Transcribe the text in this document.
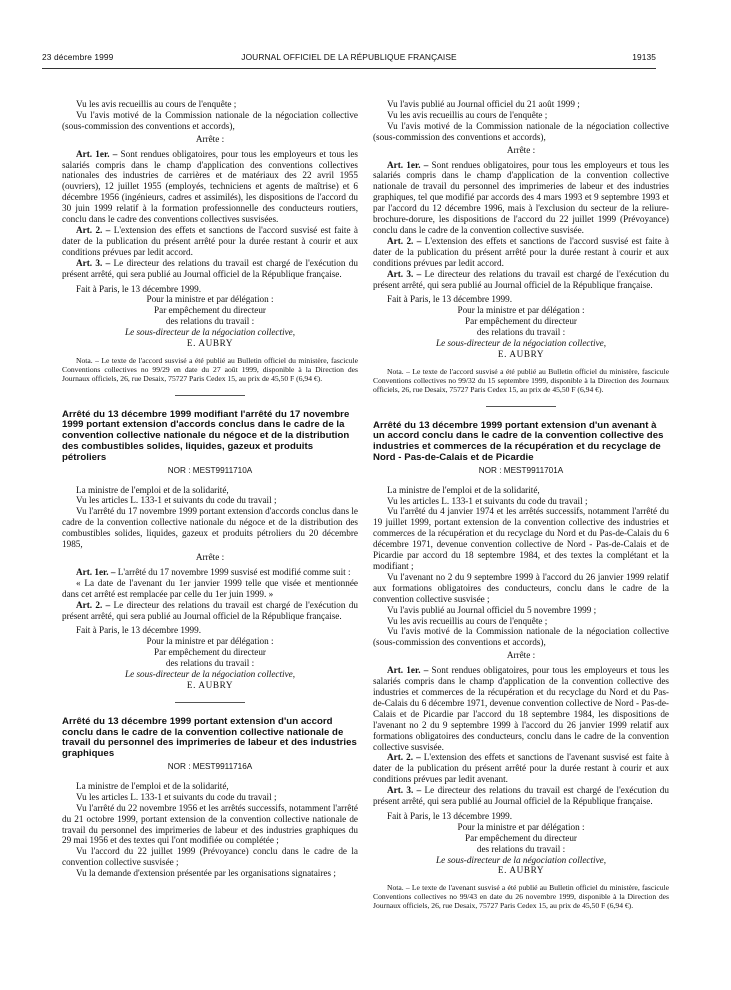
23 décembre 1999	JOURNAL OFFICIEL DE LA RÉPUBLIQUE FRANÇAISE	19135

Vu les avis recueillis au cours de l'enquête ;

Vu l'avis motivé de la Commission nationale de la négociation collective (sous-commission des conventions et accords),

Arrête :

Art. 1er. – Sont rendues obligatoires, pour tous les employeurs et tous les salariés compris dans le champ d'application des conventions collectives nationales des industries de carrières et de matériaux des 22 avril 1955 (ouvriers), 12 juillet 1955 (employés, techniciens et agents de maîtrise) et 6 décembre 1956 (ingénieurs, cadres et assimilés), les dispositions de l'accord du 30 juin 1999 relatif à la formation professionnelle des conducteurs routiers, conclu dans le cadre des conventions collectives susvisées.

Art. 2. – L'extension des effets et sanctions de l'accord susvisé est faite à dater de la publication du présent arrêté pour la durée restant à courir et aux conditions prévues par ledit accord.

Art. 3. – Le directeur des relations du travail est chargé de l'exécution du présent arrêté, qui sera publié au Journal officiel de la République française.

Fait à Paris, le 13 décembre 1999.

Pour la ministre et par délégation :
Par empêchement du directeur
des relations du travail :
Le sous-directeur de la négociation collective,
E. AUBRY

Nota. – Le texte de l'accord susvisé a été publié au Bulletin officiel du ministère, fascicule Conventions collectives no 99/29 en date du 27 août 1999, disponible à la Direction des Journaux officiels, 26, rue Desaix, 75727 Paris Cedex 15, au prix de 45,50 F (6,94 €).

Arrêté du 13 décembre 1999 modifiant l'arrêté du 17 novembre 1999 portant extension d'accords conclus dans le cadre de la convention collective nationale du négoce et de la distribution des combustibles solides, liquides, gazeux et produits pétroliers

NOR : MESТ9911710A

La ministre de l'emploi et de la solidarité,

Vu les articles L. 133-1 et suivants du code du travail ;

Vu l'arrêté du 17 novembre 1999 portant extension d'accords conclus dans le cadre de la convention collective nationale du négoce et de la distribution des combustibles solides, liquides, gazeux et produits pétroliers du 20 décembre 1985,

Arrête :

Art. 1er. – L'arrêté du 17 novembre 1999 susvisé est modifié comme suit :

« La date de l'avenant du 1er janvier 1999 telle que visée et mentionnée dans cet arrêté est remplacée par celle du 1er juin 1999. »

Art. 2. – Le directeur des relations du travail est chargé de l'exécution du présent arrêté, qui sera publié au Journal officiel de la République française.

Fait à Paris, le 13 décembre 1999.

Pour la ministre et par délégation :
Par empêchement du directeur
des relations du travail :
Le sous-directeur de la négociation collective,
E. AUBRY

Arrêté du 13 décembre 1999 portant extension d'un accord conclu dans le cadre de la convention collective nationale de travail du personnel des imprimeries de labeur et des industries graphiques

NOR : MESТ9911716A

La ministre de l'emploi et de la solidarité,

Vu les articles L. 133-1 et suivants du code du travail ;

Vu l'arrêté du 22 novembre 1956 et les arrêtés successifs, notamment l'arrêté du 21 octobre 1999, portant extension de la convention collective nationale de travail du personnel des imprimeries de labeur et des industries graphiques du 29 mai 1956 et des textes qui l'ont modifiée ou complétée ;

Vu l'accord du 22 juillet 1999 (Prévoyance) conclu dans le cadre de la convention collective susvisée ;

Vu la demande d'extension présentée par les organisations signataires ;

Vu l'avis publié au Journal officiel du 21 août 1999 ;

Vu les avis recueillis au cours de l'enquête ;

Vu l'avis motivé de la Commission nationale de la négociation collective (sous-commission des conventions et accords),

Arrête :

Art. 1er. – Sont rendues obligatoires, pour tous les employeurs et tous les salariés compris dans le champ d'application de la convention collective nationale de travail du personnel des imprimeries de labeur et des industries graphiques, tel que modifié par accords des 4 mars 1993 et 9 septembre 1993 et par l'accord du 12 décembre 1996, mais à l'exclusion du secteur de la reliure-brochure-dorure, les dispositions de l'accord du 22 juillet 1999 (Prévoyance) conclu dans le cadre de la convention collective susvisée.

Art. 2. – L'extension des effets et sanctions de l'accord susvisé est faite à dater de la publication du présent arrêté pour la durée restant à courir et aux conditions prévues par ledit accord.

Art. 3. – Le directeur des relations du travail est chargé de l'exécution du présent arrêté, qui sera publié au Journal officiel de la République française.

Fait à Paris, le 13 décembre 1999.

Pour la ministre et par délégation :
Par empêchement du directeur
des relations du travail :
Le sous-directeur de la négociation collective,
E. AUBRY

Nota. – Le texte de l'accord susvisé a été publié au Bulletin officiel du ministère, fascicule Conventions collectives no 99/32 du 15 septembre 1999, disponible à la Direction des Journaux officiels, 26, rue Desaix, 75727 Paris Cedex 15, au prix de 45,50 F (6,94 €).

Arrêté du 13 décembre 1999 portant extension d'un avenant à un accord conclu dans le cadre de la convention collective des industries et commerces de la récupération et du recyclage de Nord - Pas-de-Calais et de Picardie

NOR : MESТ9911701A

La ministre de l'emploi et de la solidarité,

Vu les articles L. 133-1 et suivants du code du travail ;

Vu l'arrêté du 4 janvier 1974 et les arrêtés successifs, notamment l'arrêté du 19 juillet 1999, portant extension de la convention collective des industries et commerces de la récupération et du recyclage du Nord et du Pas-de-Calais du 6 décembre 1971, devenue convention collective de Nord - Pas-de-Calais et de Picardie par accord du 18 septembre 1984, et des textes la complétant et la modifiant ;

Vu l'avenant no 2 du 9 septembre 1999 à l'accord du 26 janvier 1999 relatif aux formations obligatoires des conducteurs, conclu dans le cadre de la convention collective susvisée ;

Vu l'avis publié au Journal officiel du 5 novembre 1999 ;

Vu les avis recueillis au cours de l'enquête ;

Vu l'avis motivé de la Commission nationale de la négociation collective (sous-commission des conventions et accords),

Arrête :

Art. 1er. – Sont rendues obligatoires, pour tous les employeurs et tous les salariés compris dans le champ d'application de la convention collective des industries et commerces de la récupération et du recyclage du Nord et du Pas-de-Calais du 6 décembre 1971, devenue convention collective de Nord - Pas-de-Calais et de Picardie par l'accord du 18 septembre 1984, les dispositions de l'avenant no 2 du 9 septembre 1999 à l'accord du 26 janvier 1999 relatif aux formations obligatoires des conducteurs, conclu dans le cadre de la convention collective susvisée.

Art. 2. – L'extension des effets et sanctions de l'avenant susvisé est faite à dater de la publication du présent arrêté pour la durée restant à courir et aux conditions prévues par ledit avenant.

Art. 3. – Le directeur des relations du travail est chargé de l'exécution du présent arrêté, qui sera publié au Journal officiel de la République française.

Fait à Paris, le 13 décembre 1999.

Pour la ministre et par délégation :
Par empêchement du directeur
des relations du travail :
Le sous-directeur de la négociation collective,
E. AUBRY

Nota. – Le texte de l'avenant susvisé a été publié au Bulletin officiel du ministère, fascicule Conventions collectives no 99/43 en date du 26 novembre 1999, disponible à la Direction des Journaux officiels, 26, rue Desaix, 75727 Paris Cedex 15, au prix de 45,50 F (6,94 €).
